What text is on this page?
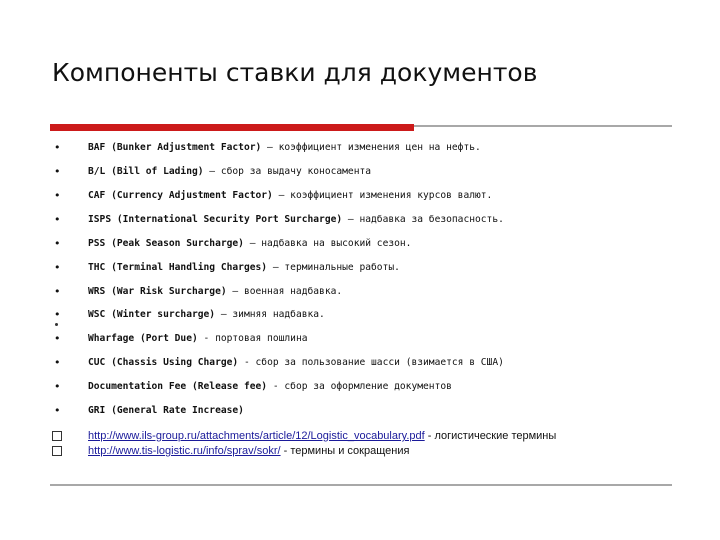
Компоненты ставки для документов
•	BAF (Bunker Adjustment Factor) – коэффициент изменения цен на нефть.
•	B/L (Bill of Lading) – сбор за выдачу коносамента
•	CAF (Currency Adjustment Factor) – коэффициент изменения курсов валют.
•	ISPS (International Security Port Surcharge) – надбавка за безопасность.
•	PSS (Peak Season Surcharge) – надбавка на высокий сезон.
•	THC (Terminal Handling Charges) – терминальные работы.
•	WRS (War Risk Surcharge) – военная надбавка.
•	WSC (Winter surcharge) – зимняя надбавка.
•	Wharfage (Port Due) - портовая пошлина
•	CUC (Chassis Using Charge) - сбор за пользование шасси (взимается в США)
•	Documentation Fee (Release fee) - сбор за оформление документов
•	GRI (General Rate Increase)
http://www.ils-group.ru/attachments/article/12/Logistic_vocabulary.pdf - логистические термины
http://www.tis-logistic.ru/info/sprav/sokr/ - термины и сокращения
